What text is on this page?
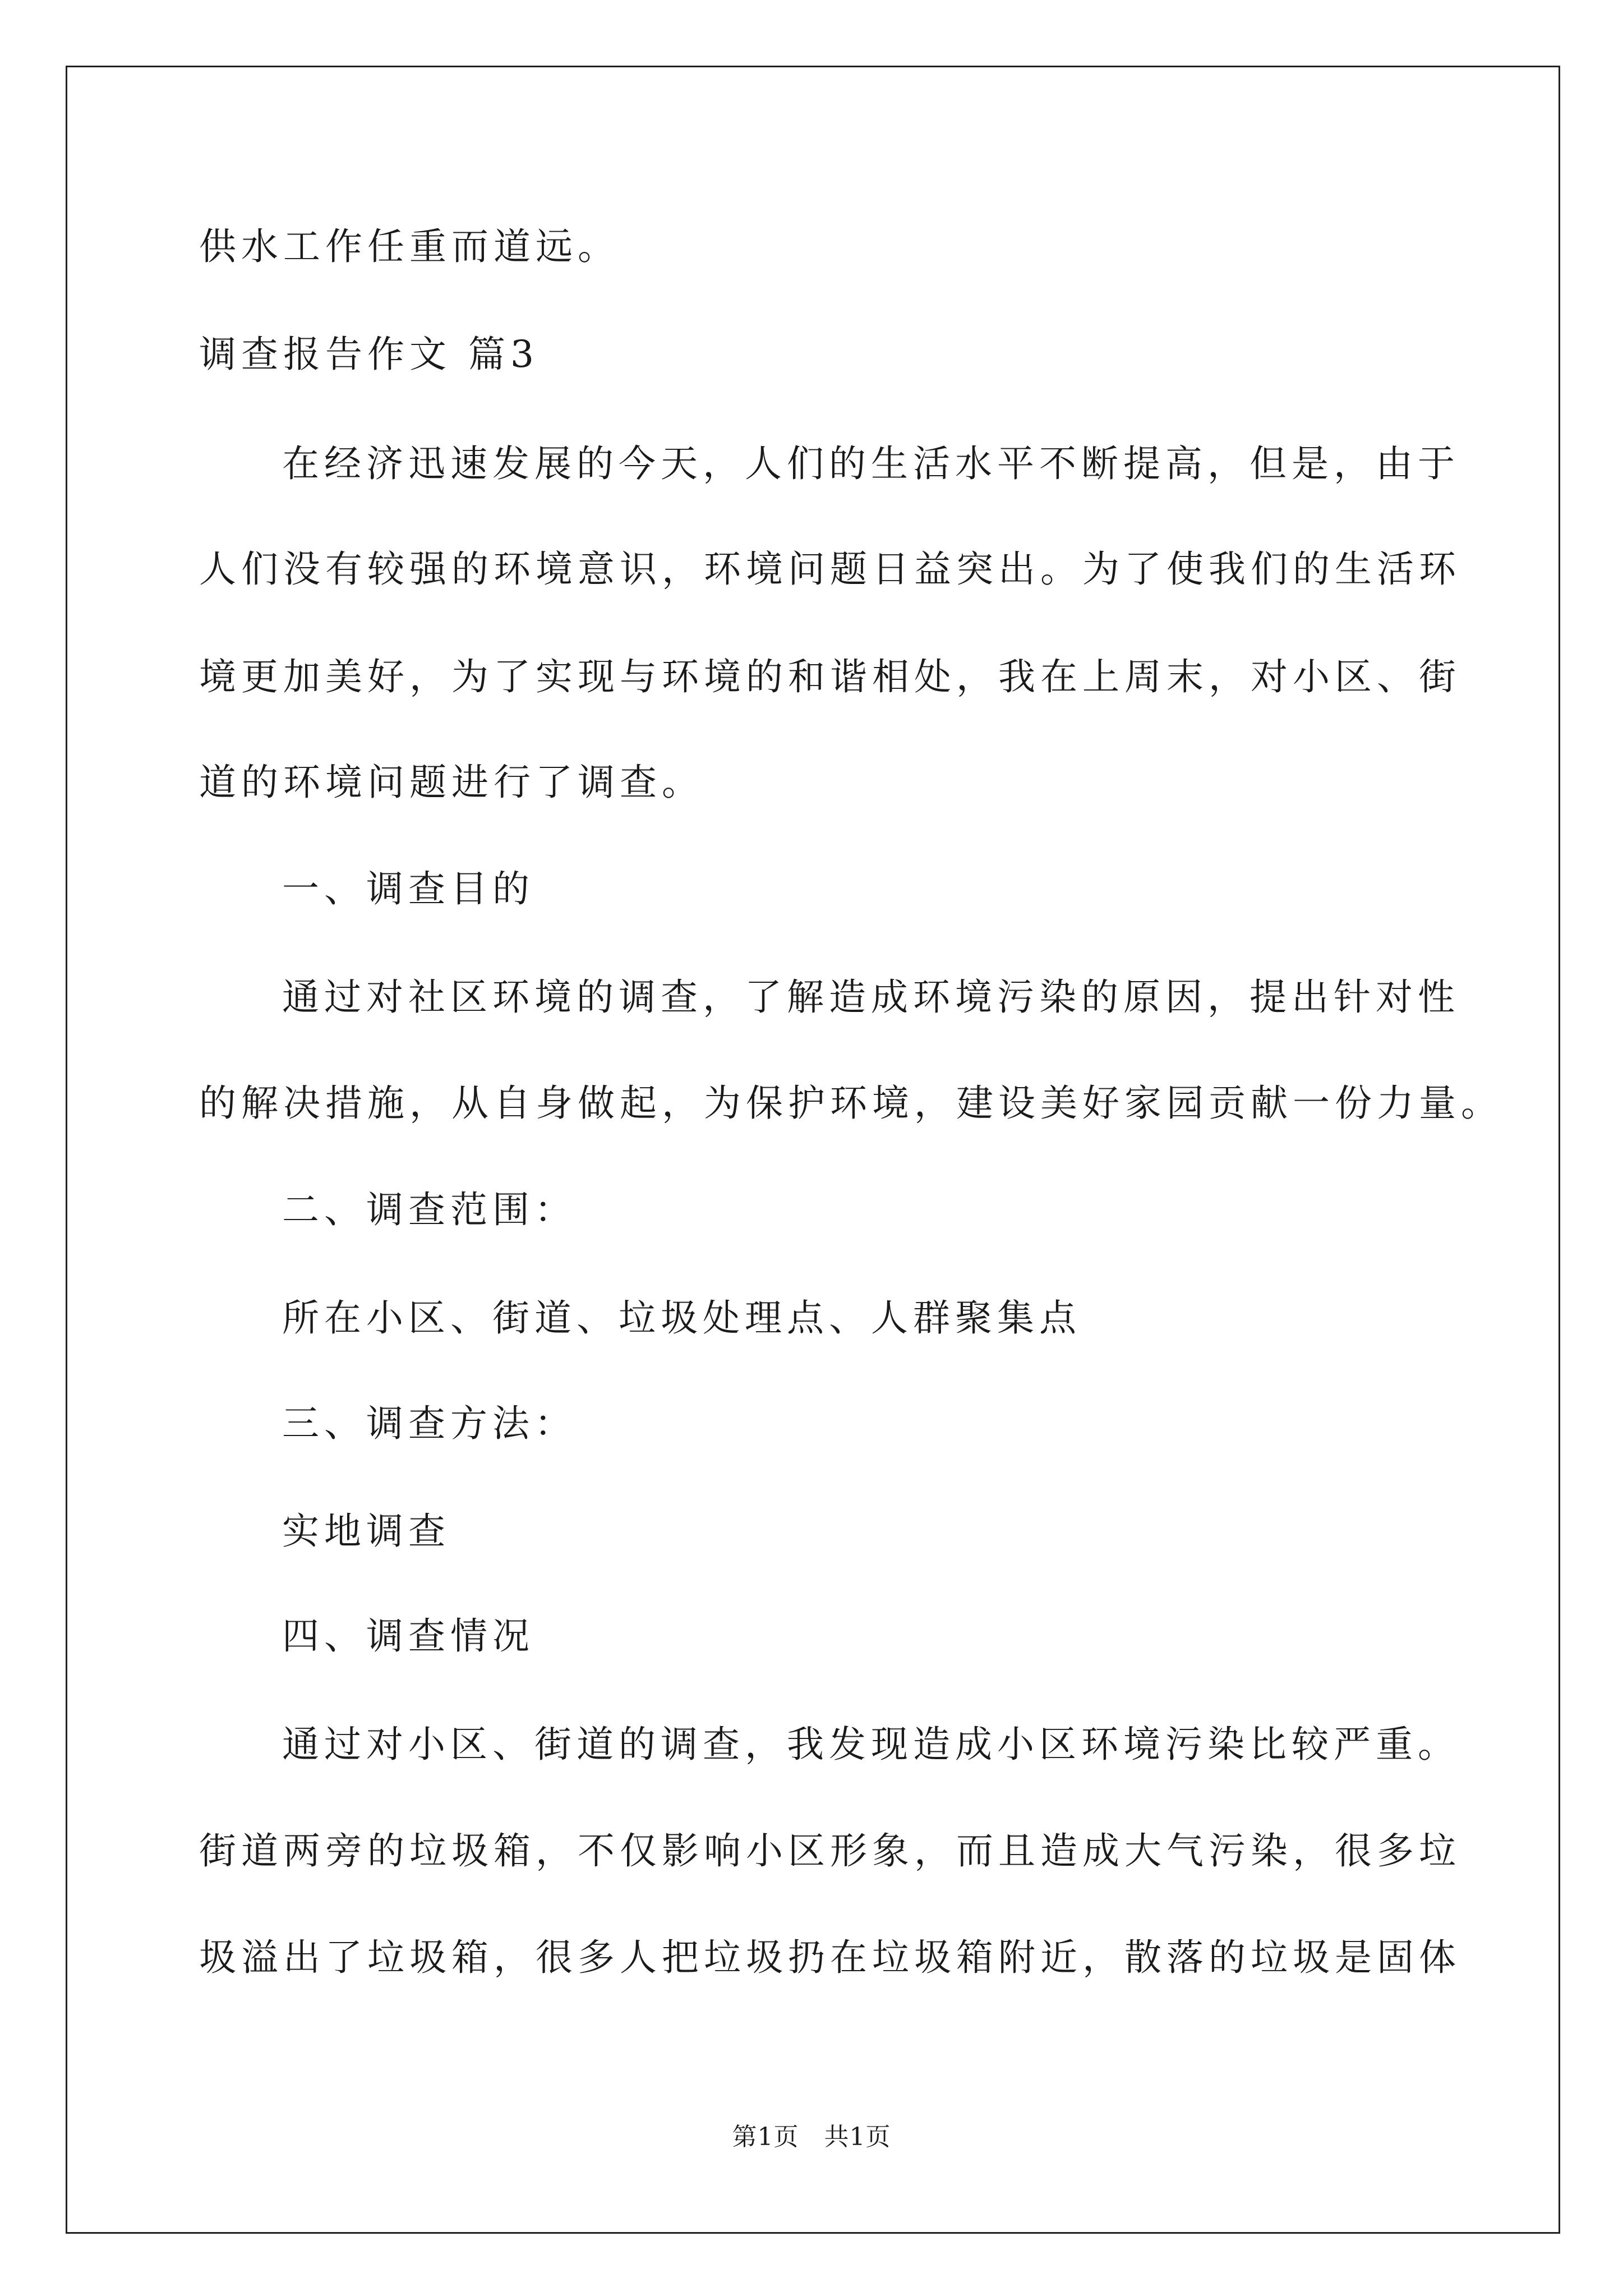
供水工作任重而道远。
调查报告作文 篇3
在经济迅速发展的今天，人们的生活水平不断提高，但是，由于
人们没有较强的环境意识，环境问题日益突出。为了使我们的生活环
境更加美好，为了实现与环境的和谐相处，我在上周末，对小区、街
道的环境问题进行了调查。
一、调查目的
通过对社区环境的调查，了解造成环境污染的原因，提出针对性
的解决措施，从自身做起，为保护环境，建设美好家园贡献一份力量。
二、调查范围：
所在小区、街道、垃圾处理点、人群聚集点
三、调查方法：
实地调查
四、调查情况
通过对小区、街道的调查，我发现造成小区环境污染比较严重。
街道两旁的垃圾箱，不仅影响小区形象，而且造成大气污染，很多垃
圾溢出了垃圾箱，很多人把垃圾扔在垃圾箱附近，散落的垃圾是固体
第1页　共1页
